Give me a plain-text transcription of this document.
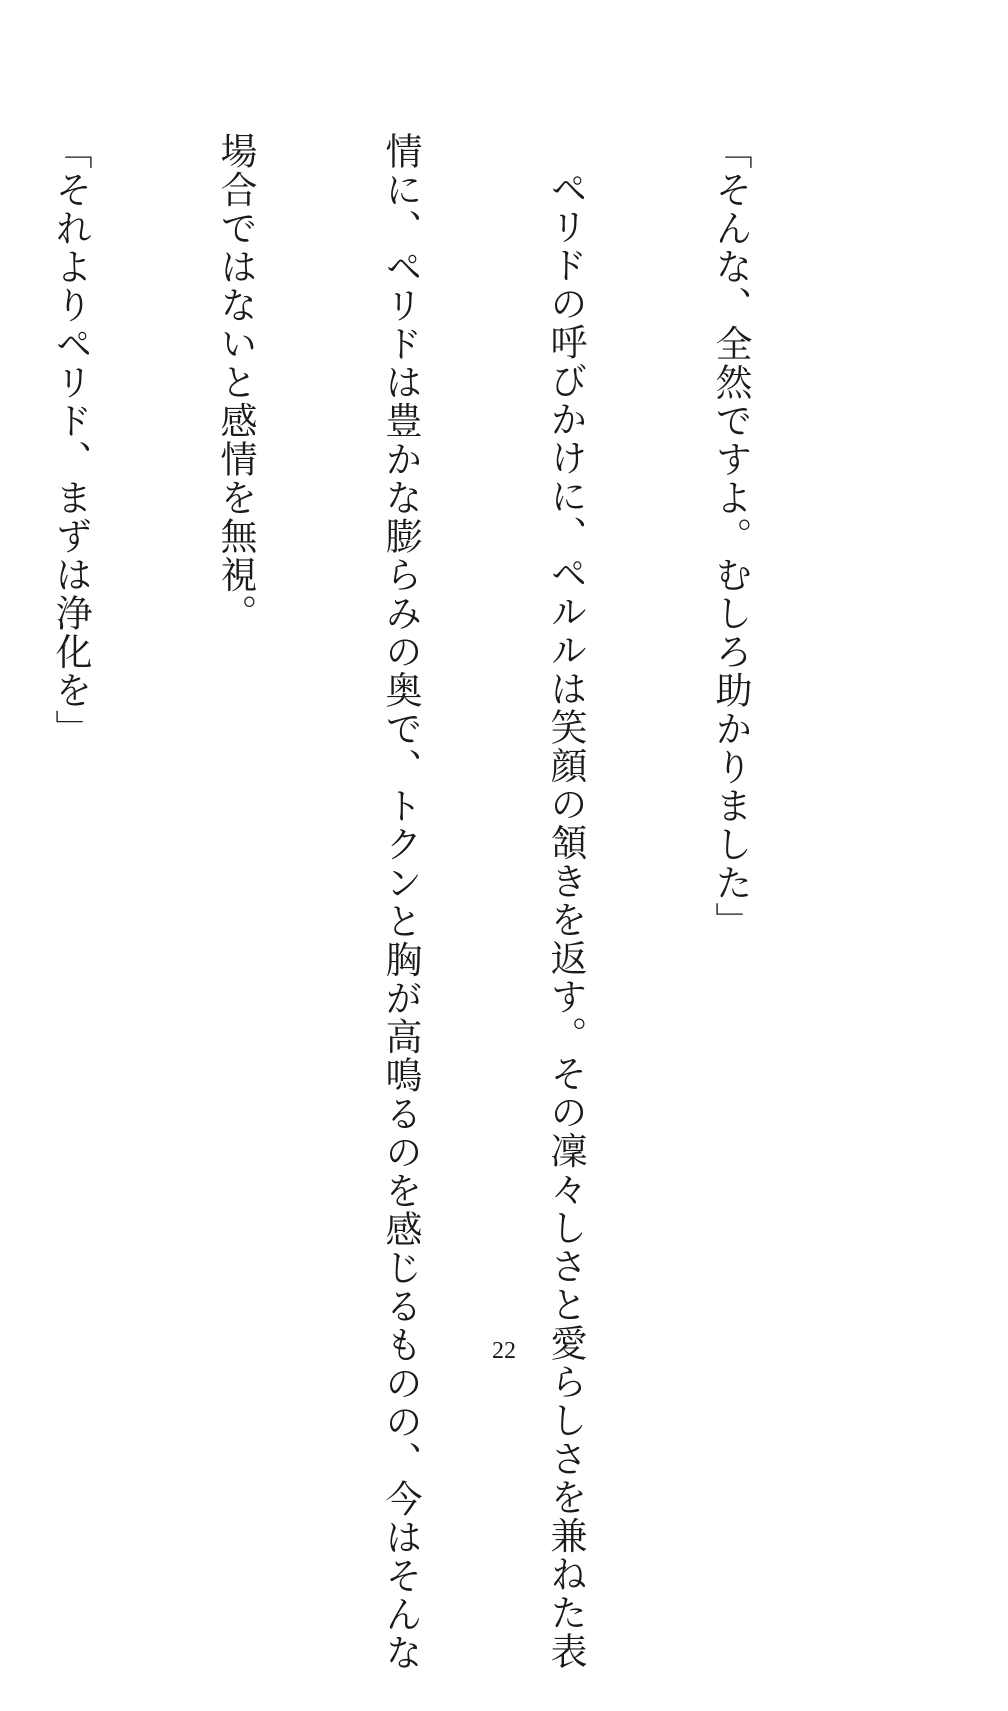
「そんな、全然ですよ。むしろ助かりました」

ペリドの呼びかけに、ペルルは笑顔の頷きを返す。その凜々しさと愛らしさを兼ねた表

情に、ペリドは豊かな膨らみの奥で、トクンと胸が高鳴るのを感じるものの、今はそんな

場合ではないと感情を無視。

「それよりペリド、まずは浄化を」

22
